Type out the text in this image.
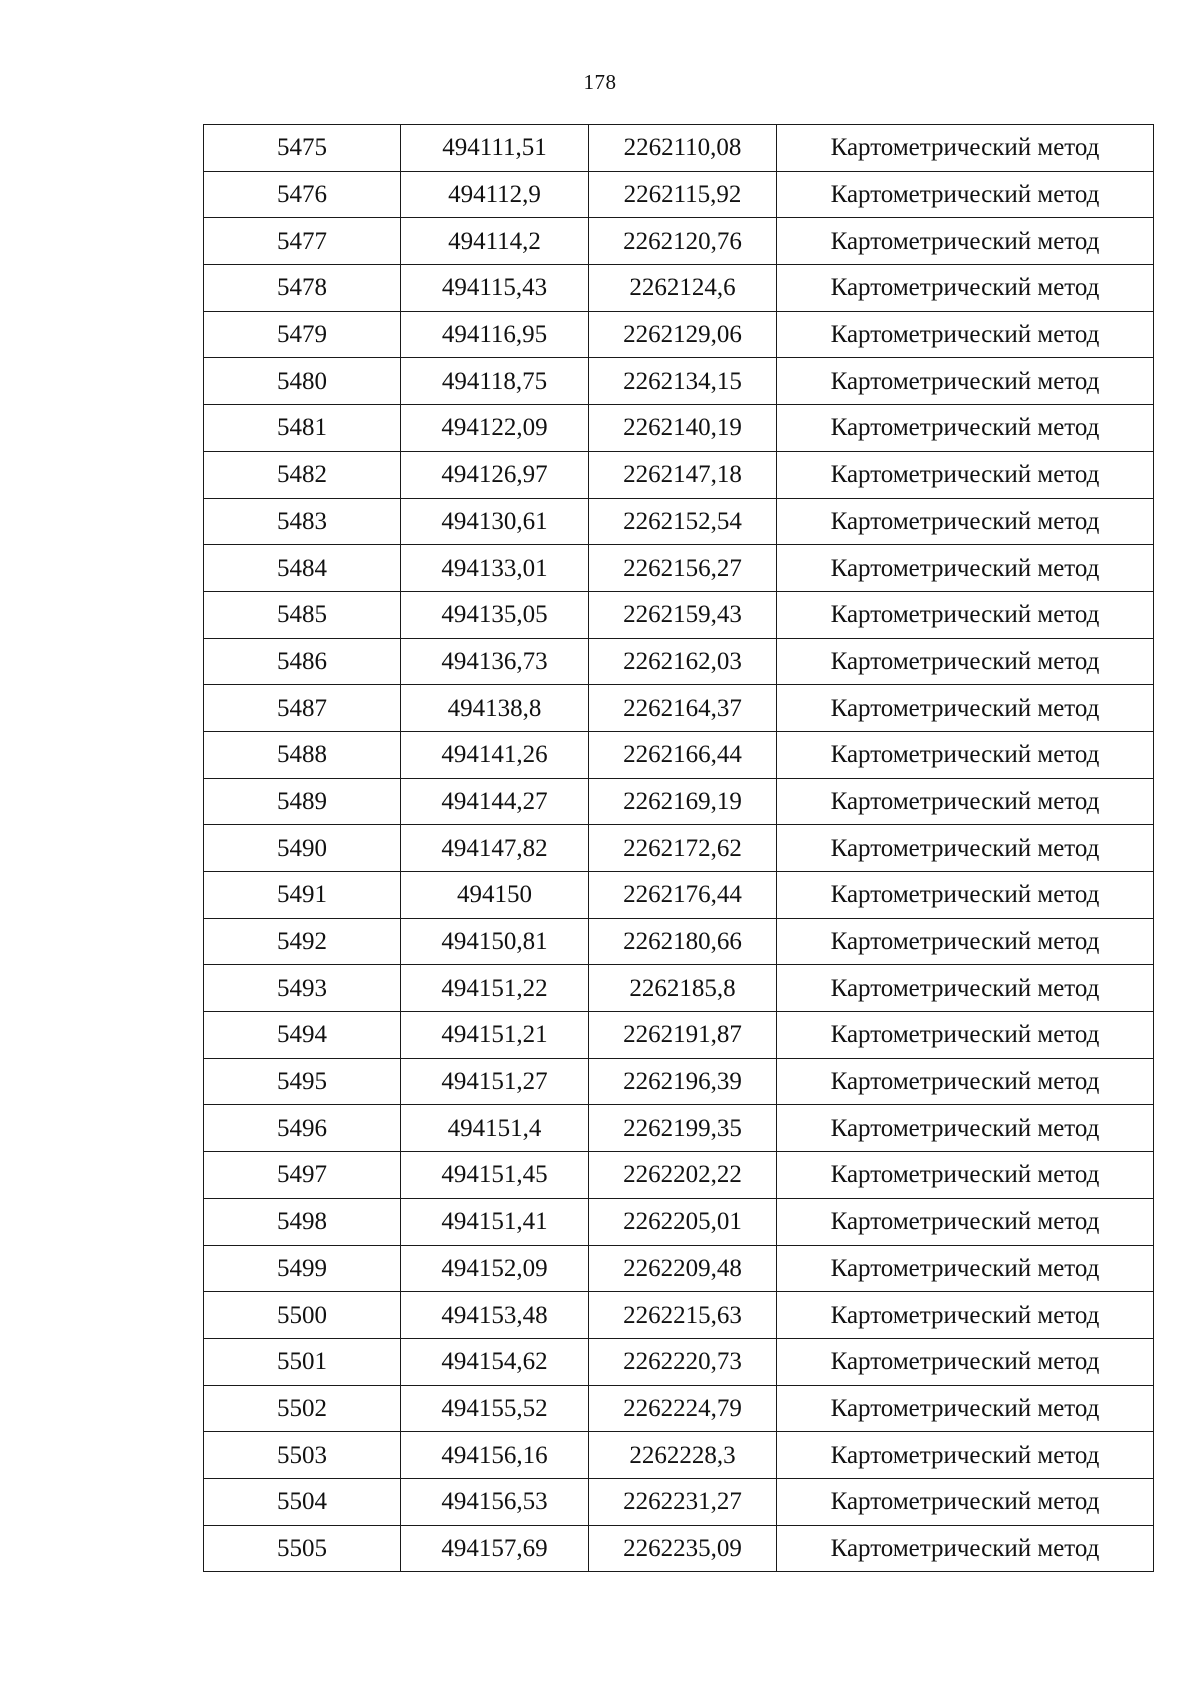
178
5475	494111,51	2262110,08	Картометрический метод
5476	494112,9	2262115,92	Картометрический метод
5477	494114,2	2262120,76	Картометрический метод
5478	494115,43	2262124,6	Картометрический метод
5479	494116,95	2262129,06	Картометрический метод
5480	494118,75	2262134,15	Картометрический метод
5481	494122,09	2262140,19	Картометрический метод
5482	494126,97	2262147,18	Картометрический метод
5483	494130,61	2262152,54	Картометрический метод
5484	494133,01	2262156,27	Картометрический метод
5485	494135,05	2262159,43	Картометрический метод
5486	494136,73	2262162,03	Картометрический метод
5487	494138,8	2262164,37	Картометрический метод
5488	494141,26	2262166,44	Картометрический метод
5489	494144,27	2262169,19	Картометрический метод
5490	494147,82	2262172,62	Картометрический метод
5491	494150	2262176,44	Картометрический метод
5492	494150,81	2262180,66	Картометрический метод
5493	494151,22	2262185,8	Картометрический метод
5494	494151,21	2262191,87	Картометрический метод
5495	494151,27	2262196,39	Картометрический метод
5496	494151,4	2262199,35	Картометрический метод
5497	494151,45	2262202,22	Картометрический метод
5498	494151,41	2262205,01	Картометрический метод
5499	494152,09	2262209,48	Картометрический метод
5500	494153,48	2262215,63	Картометрический метод
5501	494154,62	2262220,73	Картометрический метод
5502	494155,52	2262224,79	Картометрический метод
5503	494156,16	2262228,3	Картометрический метод
5504	494156,53	2262231,27	Картометрический метод
5505	494157,69	2262235,09	Картометрический метод
